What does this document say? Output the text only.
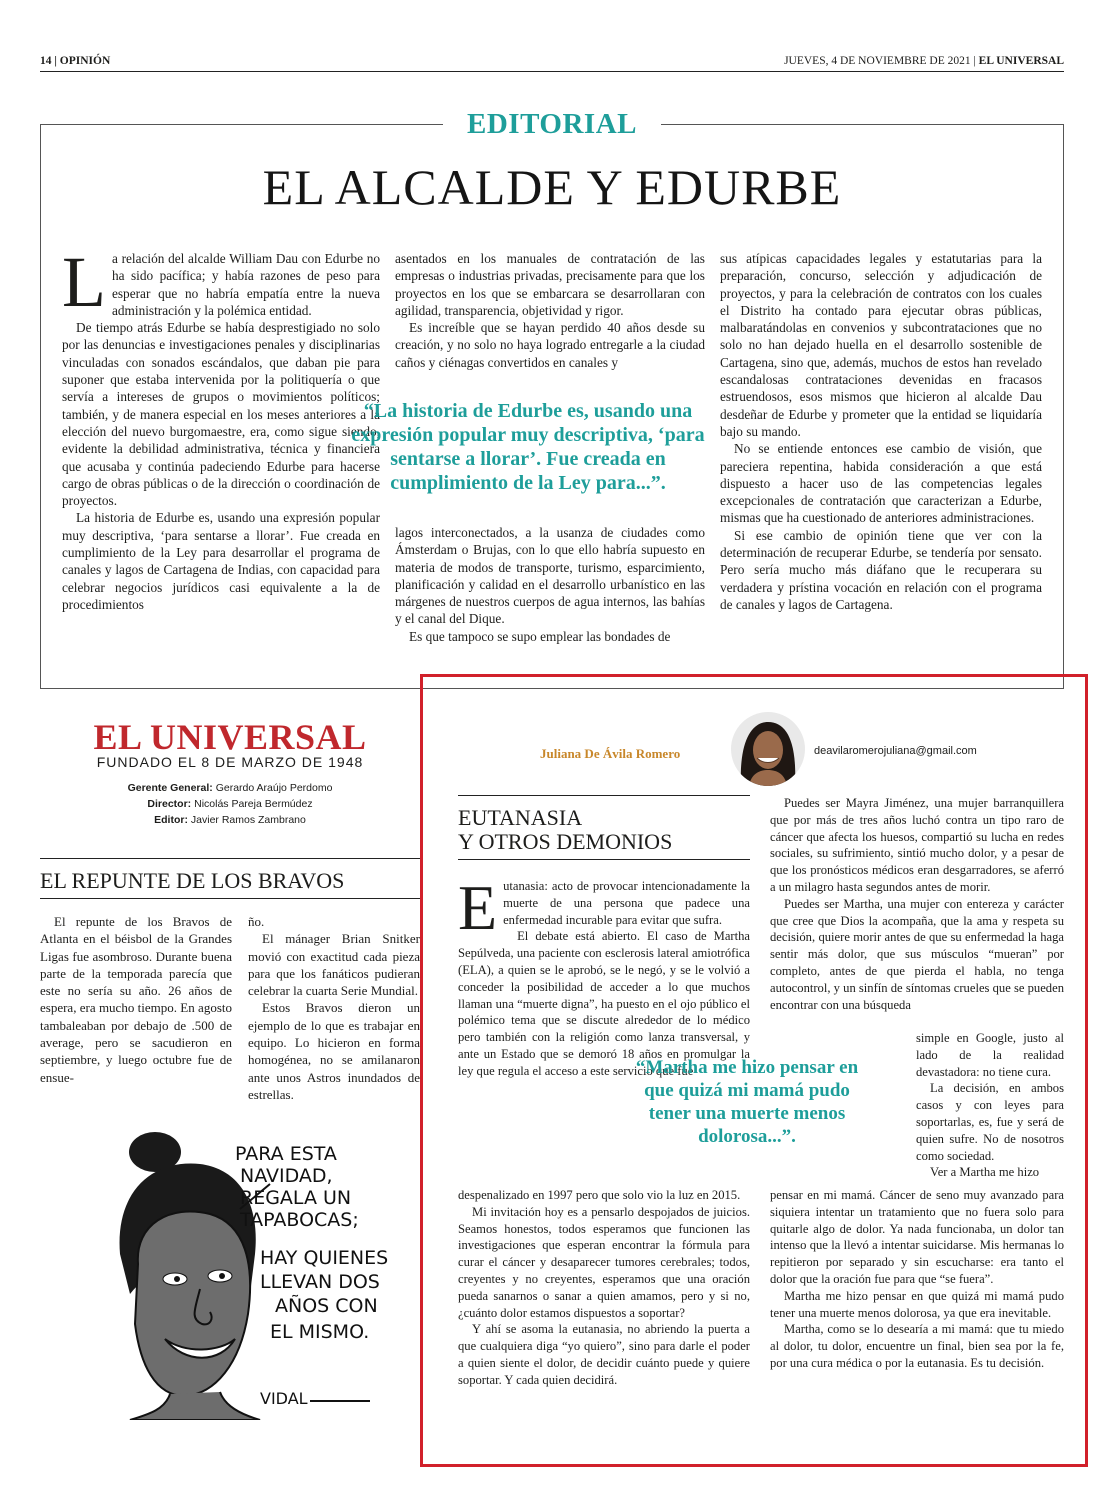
14 | OPINIÓN	JUEVES, 4 DE NOVIEMBRE DE 2021 | EL UNIVERSAL
EDITORIAL
EL ALCALDE Y EDURBE
L a relación del alcalde William Dau con Edurbe no ha sido pacífica; y había razones de peso para esperar que no habría empatía entre la nueva administración y la polémica entidad.

De tiempo atrás Edurbe se había desprestigiado no solo por las denuncias e investigaciones penales y disciplinarias vinculadas con sonados escándalos, que daban pie para suponer que estaba intervenida por la politiquería o que servía a intereses de grupos o movimientos políticos; también, y de manera especial en los meses anteriores a la elección del nuevo burgomaestre, era, como sigue siendo, evidente la debilidad administrativa, técnica y financiera que acusaba y continúa padeciendo Edurbe para hacerse cargo de obras públicas o de la dirección o coordinación de proyectos.

La historia de Edurbe es, usando una expresión popular muy descriptiva, ‘para sentarse a llorar’. Fue creada en cumplimiento de la Ley para desarrollar el programa de canales y lagos de Cartagena de Indias, con capacidad para celebrar negocios jurídicos casi equivalente a la de procedimientos

asentados en los manuales de contratación de las empresas o industrias privadas, precisamente para que los proyectos en los que se embarcara se desarrollaran con agilidad, transparencia, objetividad y rigor.

Es increíble que se hayan perdido 40 años desde su creación, y no solo no haya logrado entregarle a la ciudad caños y ciénagas convertidos en canales y

“La historia de Edurbe es, usando una expresión popular muy descriptiva, ‘para sentarse a llorar’. Fue creada en cumplimiento de la Ley para...”.

lagos interconectados, a la usanza de ciudades como Ámsterdam o Brujas, con lo que ello habría supuesto en materia de modos de transporte, turismo, esparcimiento, planificación y calidad en el desarrollo urbanístico en las márgenes de nuestros cuerpos de agua internos, las bahías y el canal del Dique.

Es que tampoco se supo emplear las bondades de

sus atípicas capacidades legales y estatutarias para la preparación, concurso, selección y adjudicación de proyectos, y para la celebración de contratos con los cuales el Distrito ha contado para ejecutar obras públicas, malbaratándolas en convenios y subcontrataciones que no solo no han dejado huella en el desarrollo sostenible de Cartagena, sino que, además, muchos de estos han revelado escandalosas contrataciones devenidas en fracasos estruendosos, esos mismos que hicieron al alcalde Dau desdeñar de Edurbe y prometer que la entidad se liquidaría bajo su mando.

No se entiende entonces ese cambio de visión, que pareciera repentina, habida consideración a que está dispuesto a hacer uso de las competencias legales excepcionales de contratación que caracterizan a Edurbe, mismas que ha cuestionado de anteriores administraciones.

Si ese cambio de opinión tiene que ver con la determinación de recuperar Edurbe, se tendería por sensato. Pero sería mucho más diáfano que le recuperara su verdadera y prístina vocación en relación con el programa de canales y lagos de Cartagena.

EL UNIVERSAL
FUNDADO EL 8 DE MARZO DE 1948
Gerente General: Gerardo Araújo Perdomo
Director: Nicolás Pareja Bermúdez
Editor: Javier Ramos Zambrano
EL REPUNTE DE LOS BRAVOS

El repunte de los Bravos de Atlanta en el béisbol de la Grandes Ligas fue asombroso. Durante buena parte de la temporada parecía que este no sería su año. 26 años de espera, era mucho tiempo. En agosto tambaleaban por debajo de .500 de average, pero se sacudieron en septiembre, y luego octubre fue de ensue-

ño.

El mánager Brian Snitker movió con exactitud cada pieza para que los fanáticos pudieran celebrar la cuarta Serie Mundial.

Estos Bravos dieron un ejemplo de lo que es trabajar en equipo. Lo hicieron en forma homogénea, no se amilanaron ante unos Astros inundados de estrellas.

PARA ESTA
NAVIDAD,
REGALA UN
TAPABOCAS;
HAY QUIENES
LLEVAN DOS
AÑOS CON
EL MISMO.
VIDAL
Juliana De Ávila Romero	deavilaromerojuliana@gmail.com
EUTANASIA
Y OTROS DEMONIOS
E utanasia: acto de provocar intencionadamente la muerte de una persona que padece una enfermedad incurable para evitar que sufra.

El debate está abierto. El caso de Martha Sepúlveda, una paciente con esclerosis lateral amiotrófica (ELA), a quien se le aprobó, se le negó, y se le volvió a conceder la posibilidad de acceder a lo que muchos llaman una “muerte digna”, ha puesto en el ojo público el polémico tema que se discute alrededor de lo médico pero también con la religión como lanza transversal, y ante un Estado que se demoró 18 años en promulgar la ley que regula el acceso a este servicio que fue

despenalizado en 1997 pero que solo vio la luz en 2015.

Mi invitación hoy es a pensarlo despojados de juicios. Seamos honestos, todos esperamos que funcionen las investigaciones que esperan encontrar la fórmula para curar el cáncer y desaparecer tumores cerebrales; todos, creyentes y no creyentes, esperamos que una oración pueda sanarnos o sanar a quien amamos, pero y si no, ¿cuánto dolor estamos dispuestos a soportar?

Y ahí se asoma la eutanasia, no abriendo la puerta a que cualquiera diga “yo quiero”, sino para darle el poder a quien siente el dolor, de decidir cuánto puede y quiere soportar. Y cada quien decidirá.

Puedes ser Mayra Jiménez, una mujer barranquillera que por más de tres años luchó contra un tipo raro de cáncer que afecta los huesos, compartió su lucha en redes sociales, su sufrimiento, sintió mucho dolor, y a pesar de que los pronósticos médicos eran desgarradores, se aferró a un milagro hasta segundos antes de morir.

Puedes ser Martha, una mujer con entereza y carácter que cree que Dios la acompaña, que la ama y respeta su decisión, quiere morir antes de que su enfermedad la haga sentir más dolor, que sus músculos “mueran” por completo, antes de que pierda el habla, no tenga autocontrol, y un sinfín de síntomas crueles que se pueden encontrar con una búsqueda

“Martha me hizo pensar en que quizá mi mamá pudo tener una muerte menos dolorosa...”.

simple en Google, justo al lado de la realidad devastadora: no tiene cura.

La decisión, en ambos casos y con leyes para soportarlas, es, fue y será de quien sufre. No de nosotros como sociedad.

Ver a Martha me hizo

pensar en mi mamá. Cáncer de seno muy avanzado para siquiera intentar un tratamiento que no fuera solo para quitarle algo de dolor. Ya nada funcionaba, un dolor tan intenso que la llevó a intentar suicidarse. Mis hermanas lo repitieron por separado y sin escucharse: era tanto el dolor que la oración fue para que “se fuera”.

Martha me hizo pensar en que quizá mi mamá pudo tener una muerte menos dolorosa, ya que era inevitable.

Martha, como se lo desearía a mi mamá: que tu miedo al dolor, tu dolor, encuentre un final, bien sea por la fe, por una cura médica o por la eutanasia. Es tu decisión.
